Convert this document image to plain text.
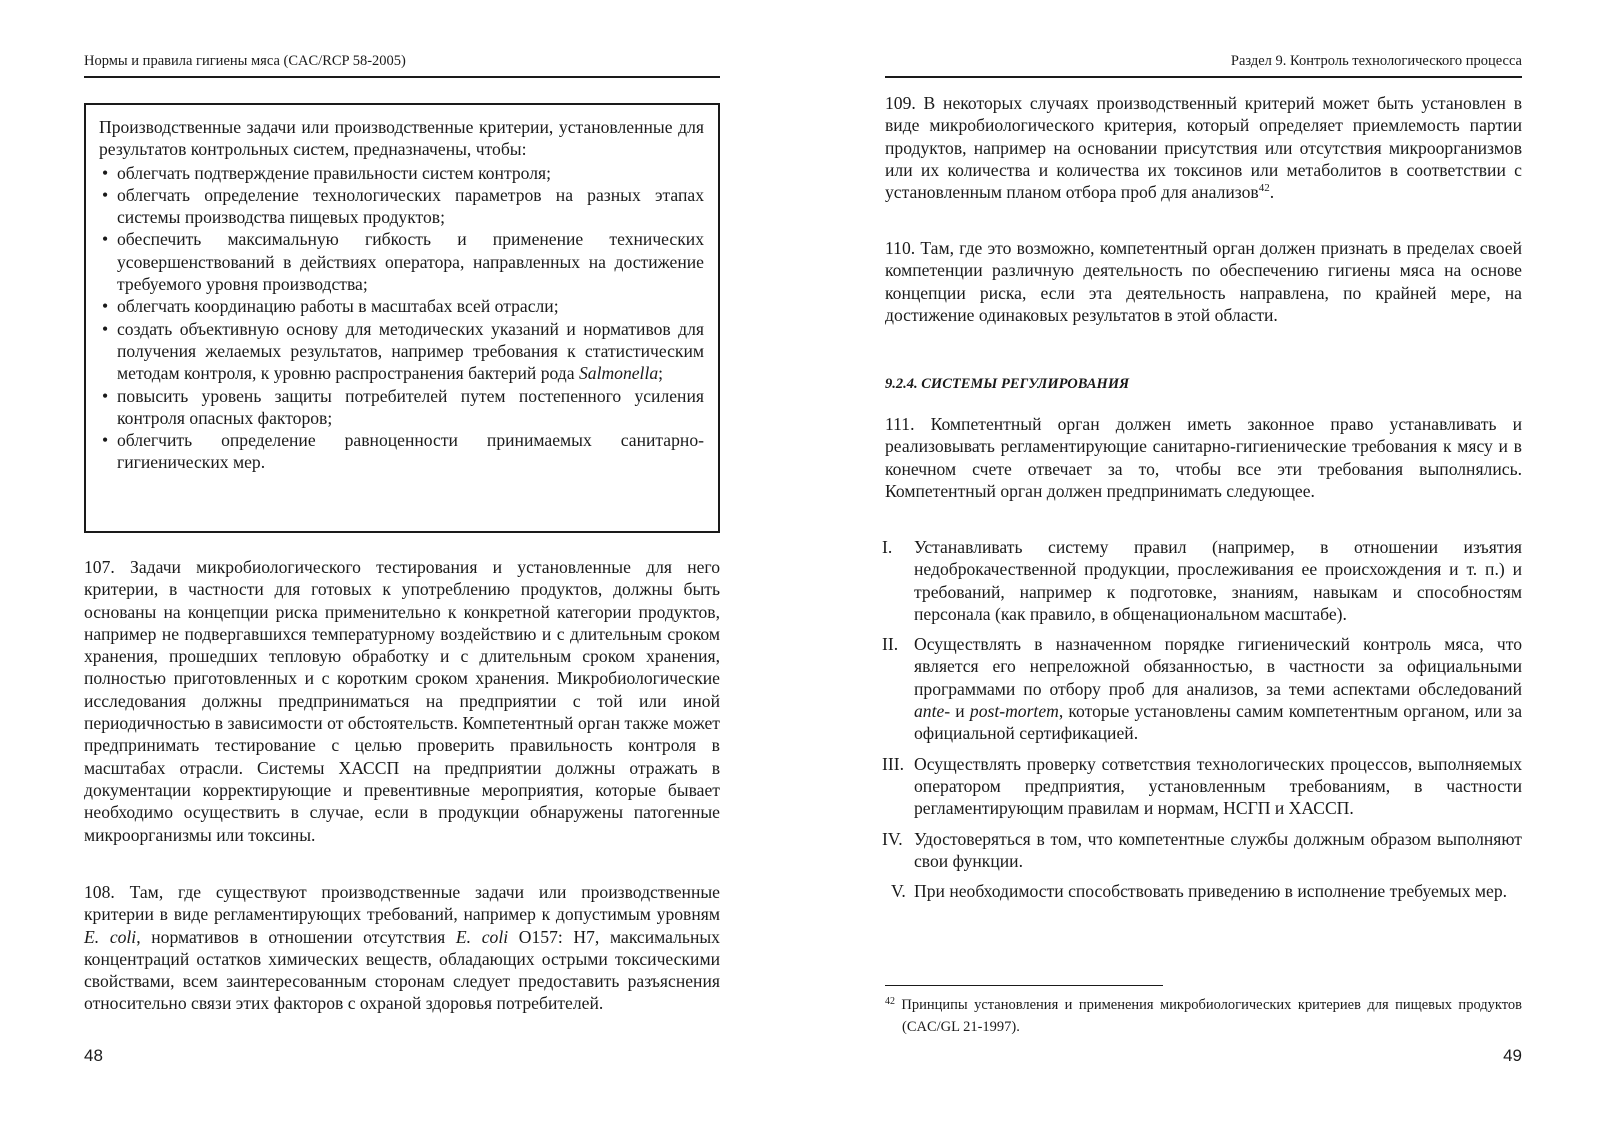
Нормы и правила гигиены мяса (CAC/RCP 58-2005)

Производственные задачи или производственные критерии, установленные для результатов контрольных систем, предназначены, чтобы:

• облегчать подтверждение правильности систем контроля;
• облегчать определение технологических параметров на разных этапах системы производства пищевых продуктов;
• обеспечить максимальную гибкость и применение технических усовершенствований в действиях оператора, направленных на достижение требуемого уровня производства;
• облегчать координацию работы в масштабах всей отрасли;
• создать объективную основу для методических указаний и нормативов для получения желаемых результатов, например требования к статистическим методам контроля, к уровню распространения бактерий рода Salmonella;
• повысить уровень защиты потребителей путем постепенного усиления контроля опасных факторов;
• облегчить определение равноценности принимаемых санитарно-гигиенических мер.

107. Задачи микробиологического тестирования и установленные для него критерии, в частности для готовых к употреблению продуктов, должны быть основаны на концепции риска применительно к конкретной категории продуктов, например не подвергавшихся температурному воздействию и с длительным сроком хранения, прошедших тепловую обработку и с длительным сроком хранения, полностью приготовленных и с коротким сроком хранения. Микробиологические исследования должны предприниматься на предприятии с той или иной периодичностью в зависимости от обстоятельств. Компетентный орган также может предпринимать тестирование с целью проверить правильность контроля в масштабах отрасли. Системы ХАССП на предприятии должны отражать в документации корректирующие и превентивные мероприятия, которые бывает необходимо осуществить в случае, если в продукции обнаружены патогенные микроорганизмы или токсины.

108. Там, где существуют производственные задачи или производственные критерии в виде регламентирующих требований, например к допустимым уровням E. coli, нормативов в отношении отсутствия E. coli O157: H7, максимальных концентраций остатков химических веществ, обладающих острыми токсическими свойствами, всем заинтересованным сторонам следует предоставить разъяснения относительно связи этих факторов с охраной здоровья потребителей.

48
Раздел 9. Контроль технологического процесса

109. В некоторых случаях производственный критерий может быть установлен в виде микробиологического критерия, который определяет приемлемость партии продуктов, например на основании присутствия или отсутствия микроорганизмов или их количества и количества их токсинов или метаболитов в соответствии с установленным планом отбора проб для анализов$^{42}$.

110. Там, где это возможно, компетентный орган должен признать в пределах своей компетенции различную деятельность по обеспечению гигиены мяса на основе концепции риска, если эта деятельность направлена, по крайней мере, на достижение одинаковых результатов в этой области.

9.2.4. СИСТЕМЫ РЕГУЛИРОВАНИЯ

111. Компетентный орган должен иметь законное право устанавливать и реализовывать регламентирующие санитарно-гигиенические требования к мясу и в конечном счете отвечает за то, чтобы все эти требования выполнялись. Компетентный орган должен предпринимать следующее.

I.	Устанавливать систему правил (например, в отношении изъятия недоброкачественной продукции, прослеживания ее происхождения и т. п.) и требований, например к подготовке, знаниям, навыкам и способностям персонала (как правило, в общенациональном масштабе).
II. Осуществлять в назначенном порядке гигиенический контроль мяса, что является его непреложной обязанностью, в частности за официальными программами по отбору проб для анализов, за теми аспектами обследований ante- и post-mortem, которые установлены самим компетентным органом, или за официальной сертификацией.
III. Осуществлять проверку сответствия технологических процессов, выполняемых оператором предприятия, установленным требованиям, в частности регламентирующим правилам и нормам, НСГП и ХАССП.
IV. Удостоверяться в том, что компетентные службы должным образом выполняют свои функции.
V. При необходимости способствовать приведению в исполнение требуемых мер.
$^{42}$ Принципы установления и применения микробиологических критериев для пищевых продуктов (CAC/GL 21-1997).
49
